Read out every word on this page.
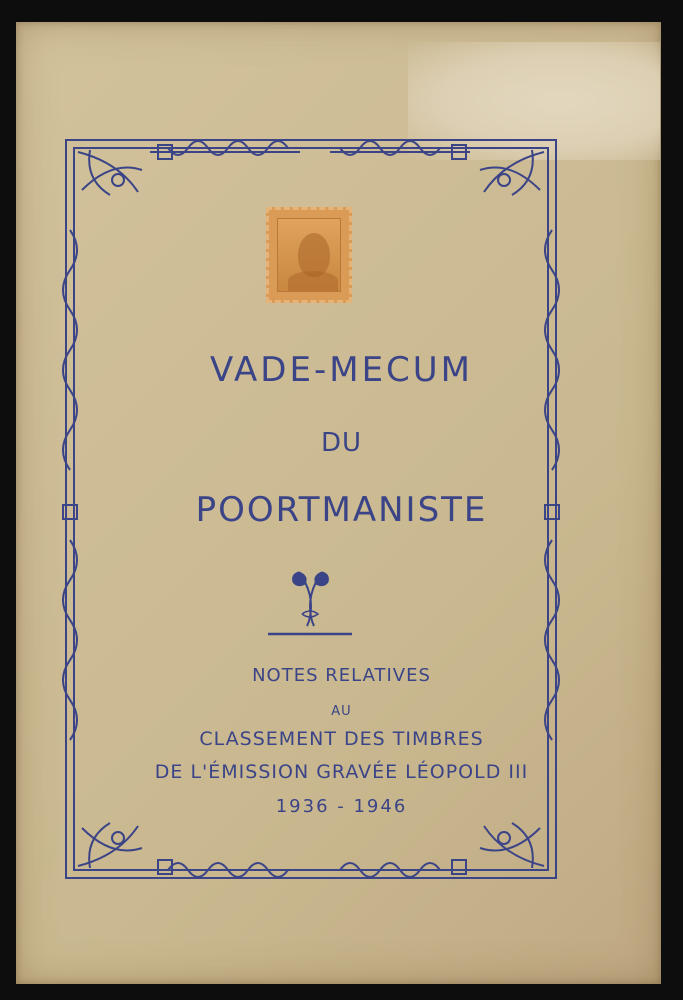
VADE-MECUM
DU
POORTMANISTE
NOTES RELATIVES
AU
CLASSEMENT DES TIMBRES
DE L'ÉMISSION GRAVÉE LÉOPOLD III
1936 - 1946
